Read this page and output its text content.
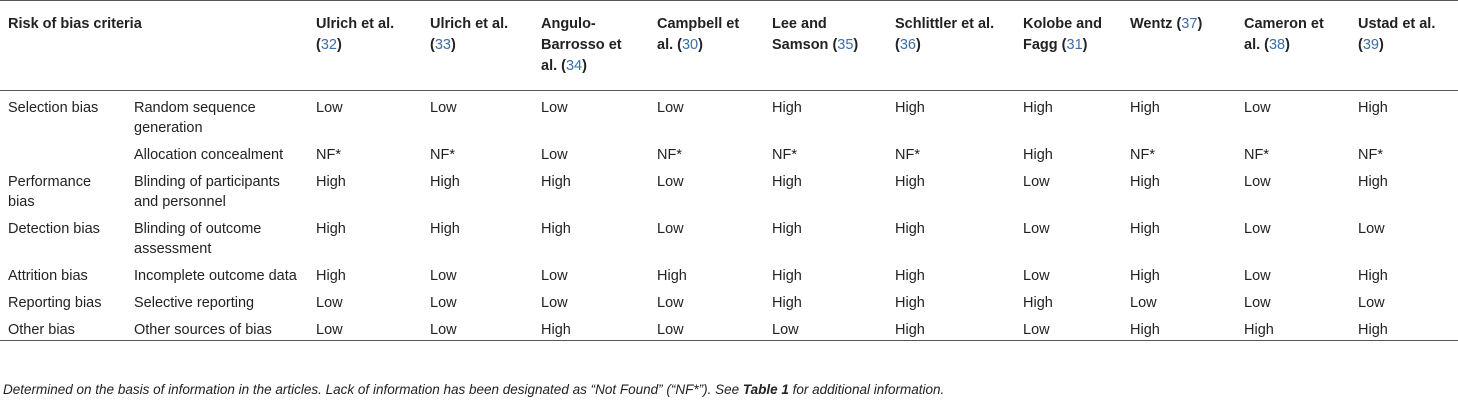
Risk of bias criteria		Ulrich et al. (32)	Ulrich et al. (33)	Angulo-Barrosso et al. (34)	Campbell et al. (30)	Lee and Samson (35)	Schlittler et al. (36)	Kolobe and Fagg (31)	Wentz (37)	Cameron et al. (38)	Ustad et al. (39)
Selection bias	Random sequence generation	Low	Low	Low	Low	High	High	High	High	Low	High
	Allocation concealment	NF*	NF*	Low	NF*	NF*	NF*	High	NF*	NF*	NF*
Performance bias	Blinding of participants and personnel	High	High	High	Low	High	High	Low	High	Low	High
Detection bias	Blinding of outcome assessment	High	High	High	Low	High	High	Low	High	Low	Low
Attrition bias	Incomplete outcome data	High	Low	Low	High	High	High	Low	High	Low	High
Reporting bias	Selective reporting	Low	Low	Low	Low	High	High	High	Low	Low	Low
Other bias	Other sources of bias	Low	Low	High	Low	Low	High	Low	High	High	High
Determined on the basis of information in the articles. Lack of information has been designated as “Not Found” (“NF*”). See Table 1 for additional information.
